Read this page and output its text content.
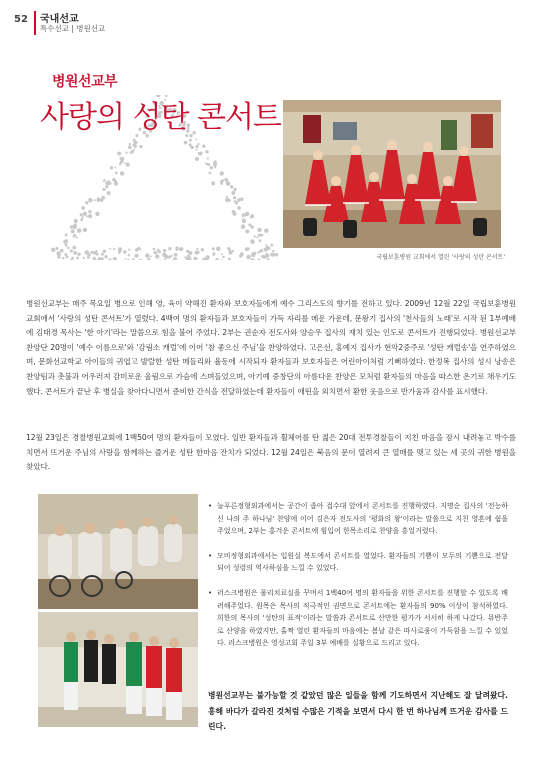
52 국내선교
특수선교 | 병원선교
병원선교부
사랑의 성탄 콘서트
국립보훈병원 교회에서 열린 '사랑의 성탄 콘서트'

병원선교부는 매주 목요일 병으로 인해 영, 육이 약해진 환자와 보호자들에게 예수 그리스도의 향기를 전하고 있다. 2009년 12월 22일 국립보훈병원 교회에서 '사랑의 성탄 콘서트'가 열렸다. 4백여 명의 환자들과 보호자들이 가득 자리를 메운 가운데, 문왕기 집사의 '천사들의 노래'로 시작 된 1부예배에 김태경 목사는 '한 아기'라는 말씀으로 힘을 불어 주었다. 2부는 권순자 전도사와 양승우 집사의 재치 있는 인도로 콘서트가 진행되었다. 병원선교부 찬양단 20명이 '예수 이름으로'와 '감림소 캐럴'에 이어 '참 좋으신 주님'을 찬양하였다. 고은선, 홍예지 집사가 현악2중주로 '성탄 캐럴송'을 연주하였으며, 문화선교학교 아이들의 귀엽고 발랄한 성탄 메들리와 율동에 시작되자 환자들과 보호자들은 어린아이처럼 기뻐하였다. 한정복 집사의 성시 낭송은 찬양팀과 촛불과 어우러져 감미로운 울림으로 가슴에 스며들었으며, 아기예 중창단의 아름다운 찬양은 모처럼 환자들의 마음을 따스한 온기로 채우기도 했다. 콘서트가 끝난 후 병실을 찾아다니면서 준비한 간식을 전달하였는데 환자들이 애띤을 외치면서 환한 웃음으로 반가움과 감사를 표시했다.

12월 23일은 경찰병원교회에 1백50여 명의 환자들이 모였다. 일반 환자들과 휠체어를 탄 젊은 20대 전투경찰들이 지친 마음을 잠시 내려놓고 박수를 치면서 뜨거운 주님의 사랑을 함께하는 즐거운 성탄 한마음 잔치가 되었다. 12월 24일은 북음의 문이 열려져 큰 열매를 맺고 있는 세 곳의 귀한 병원을 찾았다.

• 늘푸른정형외과에서는 공간이 좁아 접수대 앞에서 콘서트를 진행하였다. 지명순 집사의 '전능하신 나의 주 하나님' 찬양에 이어 김은자 전도사의 '평화의 왕'이라는 말씀으로 지친 영혼에 쉼을 주었으며, 2부는 홍겨운 콘서트에 힘입어 한목소리로 찬양을 흥얼거렸다.
• 모비정형외과에서는 입원실 복도에서 콘서트를 열었다. 환자들의 기쁨이 모두의 기쁨으로 전달되어 성령의 역사하심을 느낄 수 있었다.
• 러스크병원은 물리치료실을 꾸며서 1백40여 명의 환자들을 위한 콘서트를 진행할 수 있도록 배려해주었다. 원목은 목사의 적극적인 권면으로 콘서트에는 환자들의 90% 이상이 참석하였다. 희한의 목사의 '성탄의 표적'이라는 말씀과 콘서트로 산만한 평가가 서서히 하게 나갔다. 뮤반주로 산양을 하였지만, 홀짝 열린 환자들의 마음에는 봄날 같은 따사로움이 가득함을 느낄 수 있었다. 러스크병원은 영성고회 주일 3부 예배를 실황으로 드리고 있다.

병원선교부는 불가능할 것 같았던 많은 일들을 함께 기도하면서 지난해도 잘 달려왔다. 홍해 바다가 갈라진 것처럼 수많은 기적을 보면서 다시 한 번 하나님께 뜨거운 감사를 드린다.
